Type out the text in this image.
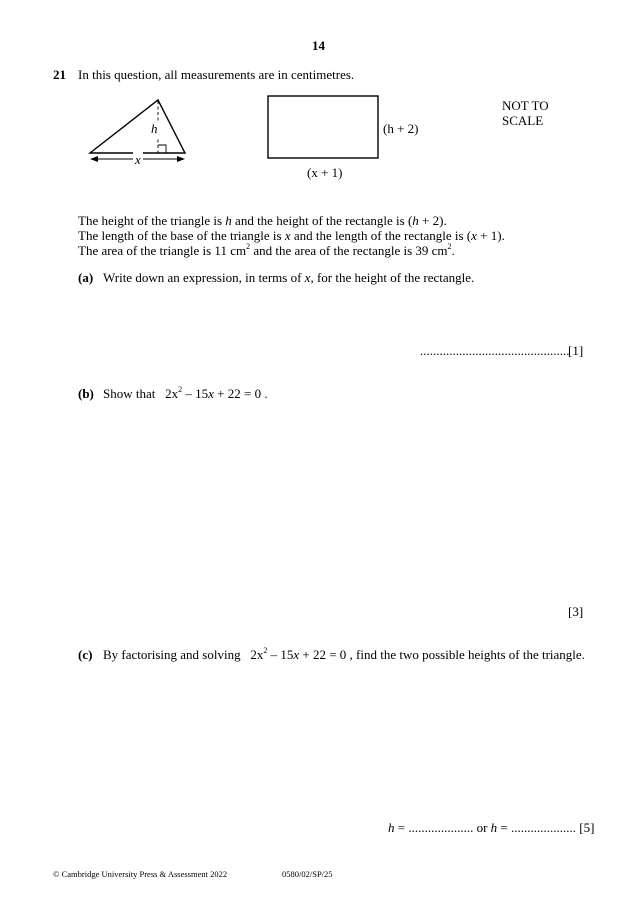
14
21 In this question, all measurements are in centimetres.
h
x
(h + 2)
(x + 1)
NOT TO
SCALE
The height of the triangle is h and the height of the rectangle is (h + 2).
The length of the base of the triangle is x and the length of the rectangle is (x + 1).
The area of the triangle is 11 $cm^2$ and the area of the rectangle is 39 $cm^2$.
(a) Write down an expression, in terms of x, for the height of the rectangle.
..............................................
[1]
(b) Show that   $2x^2 - 15x + 22 = 0$ .
[3]
(c) By factorising and solving   $2x^2 - 15x + 22 = 0$ , find the two possible heights of the triangle.
h = .................... or h = .................... [5]
© Cambridge University Press & Assessment 2022	0580/02/SP/25
